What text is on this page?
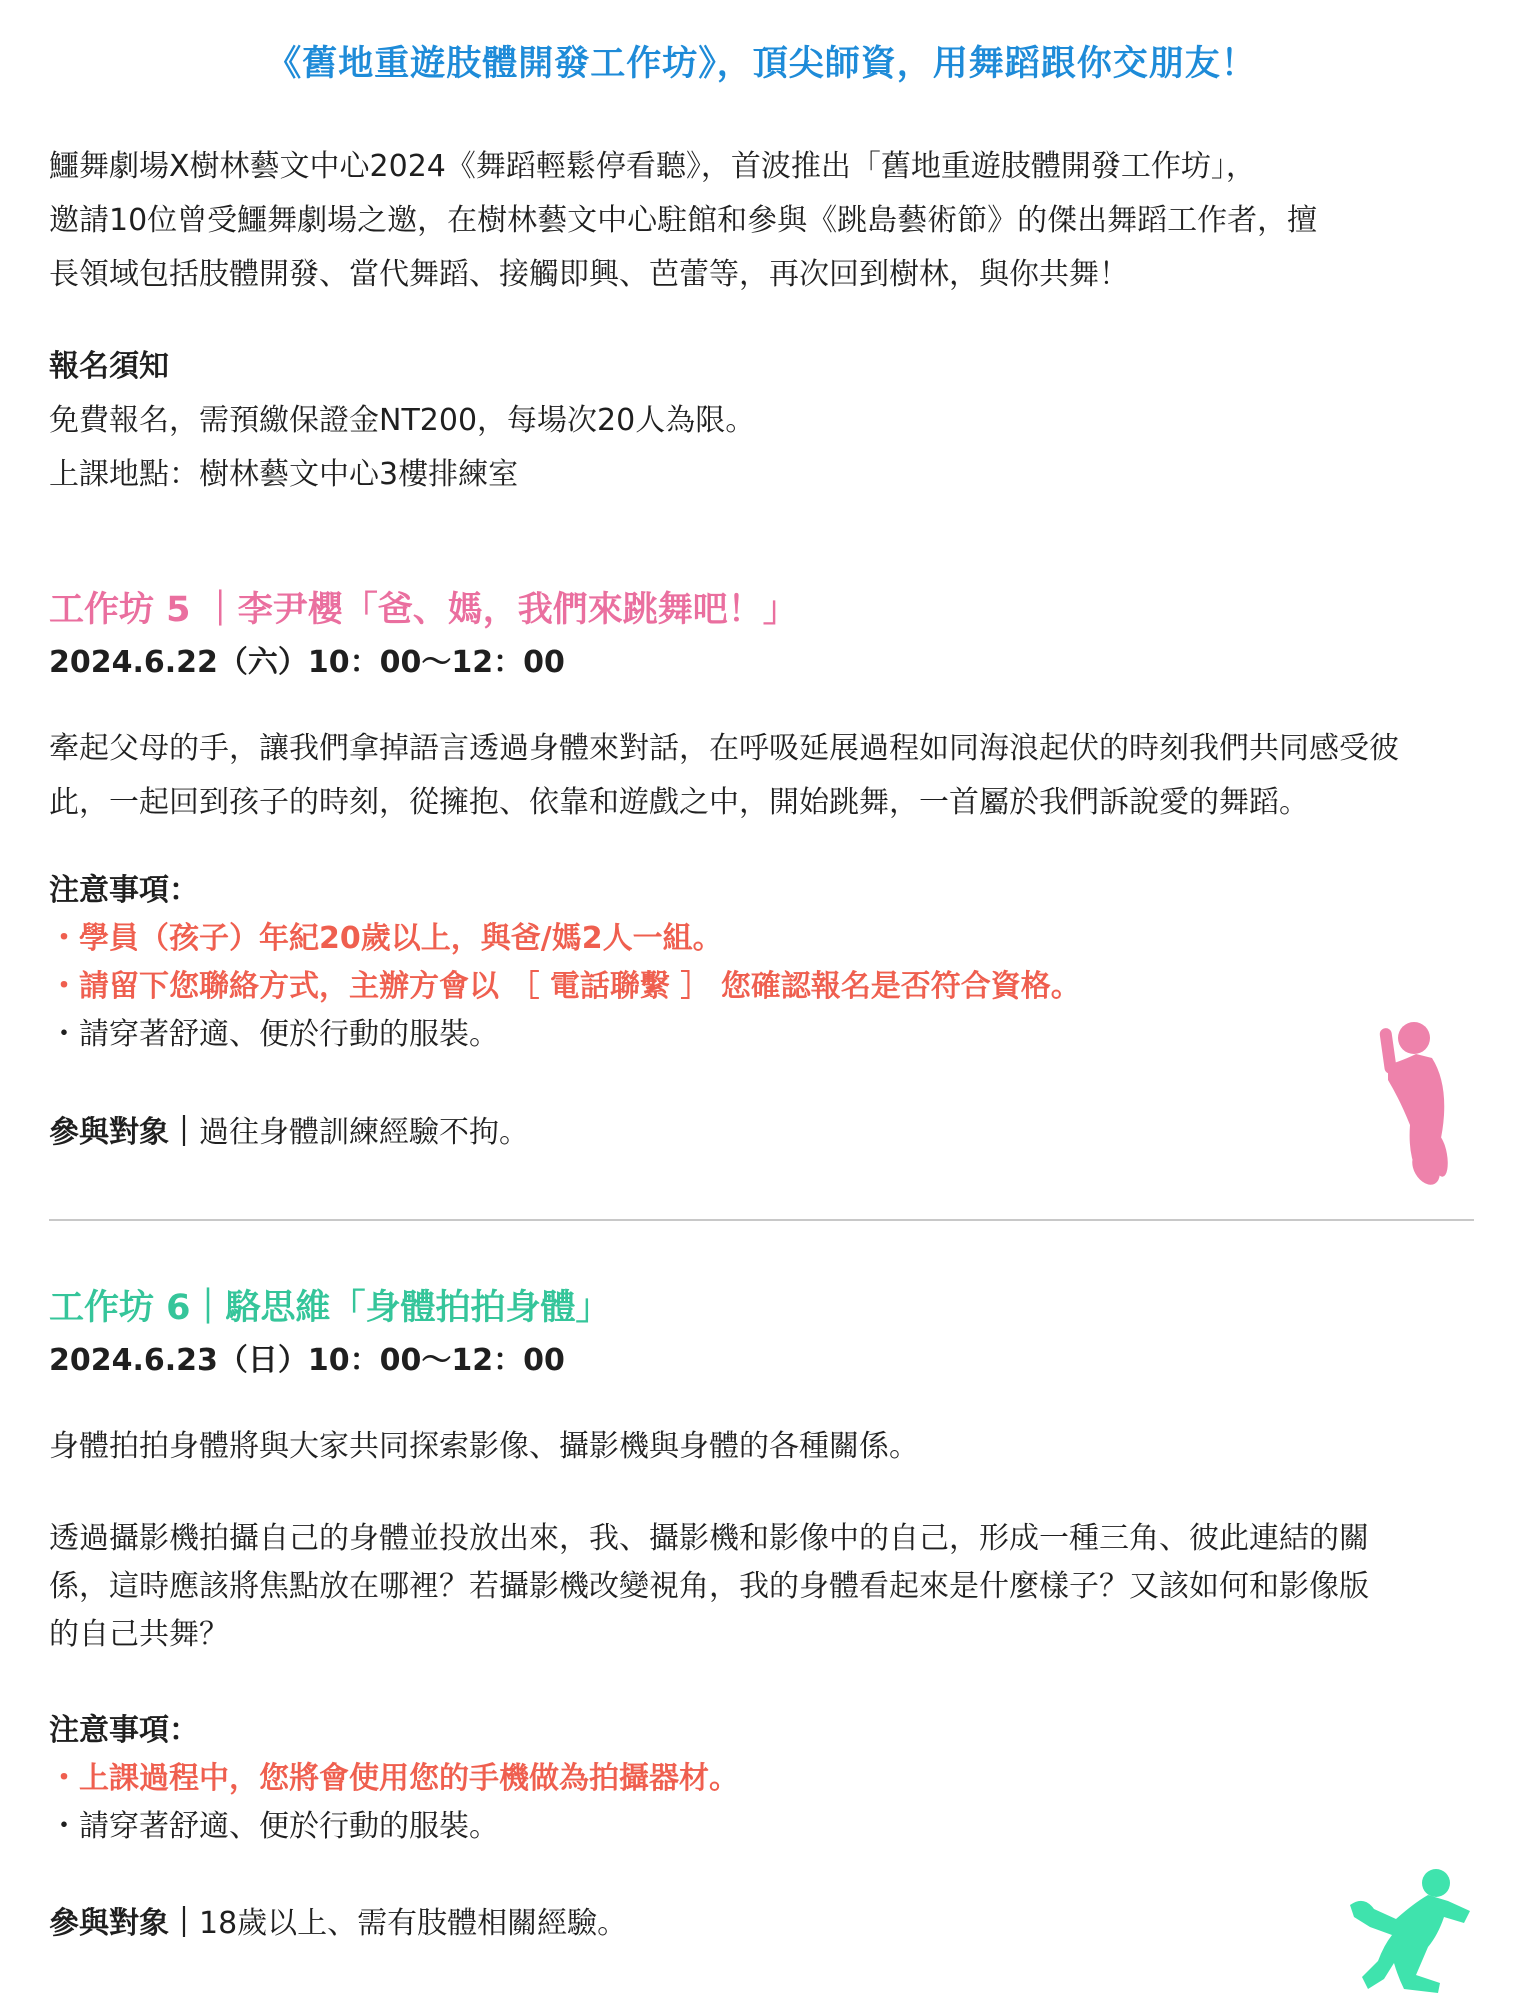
《舊地重遊肢體開發工作坊》，頂尖師資，用舞蹈跟你交朋友！
鱷舞劇場X樹林藝文中心2024《舞蹈輕鬆停看聽》，首波推出「舊地重遊肢體開發工作坊」，
邀請10位曾受鱷舞劇場之邀，在樹林藝文中心駐館和參與《跳島藝術節》的傑出舞蹈工作者，擅
長領域包括肢體開發、當代舞蹈、接觸即興、芭蕾等，再次回到樹林，與你共舞！
報名須知
免費報名，需預繳保證金NT200，每場次20人為限。
上課地點：樹林藝文中心3樓排練室
工作坊 5 ｜李尹櫻「爸、媽，我們來跳舞吧！」
2024.6.22（六）10：00～12：00
牽起父母的手，讓我們拿掉語言透過身體來對話，在呼吸延展過程如同海浪起伏的時刻我們共同感受彼
此，一起回到孩子的時刻，從擁抱、依靠和遊戲之中，開始跳舞，一首屬於我們訴說愛的舞蹈。
注意事項：
・學員（孩子）年紀20歲以上，與爸/媽2人一組。
・請留下您聯絡方式，主辦方會以 ［ 電話聯繫 ］ 您確認報名是否符合資格。
・請穿著舒適、便於行動的服裝。
參與對象｜過往身體訓練經驗不拘。
工作坊 6｜駱思維「身體拍拍身體」
2024.6.23（日）10：00～12：00
身體拍拍身體將與大家共同探索影像、攝影機與身體的各種關係。
透過攝影機拍攝自己的身體並投放出來，我、攝影機和影像中的自己，形成一種三角、彼此連結的關
係，這時應該將焦點放在哪裡？若攝影機改變視角，我的身體看起來是什麼樣子？又該如何和影像版
的自己共舞？
注意事項：
・上課過程中，您將會使用您的手機做為拍攝器材。
・請穿著舒適、便於行動的服裝。
參與對象｜18歲以上、需有肢體相關經驗。
